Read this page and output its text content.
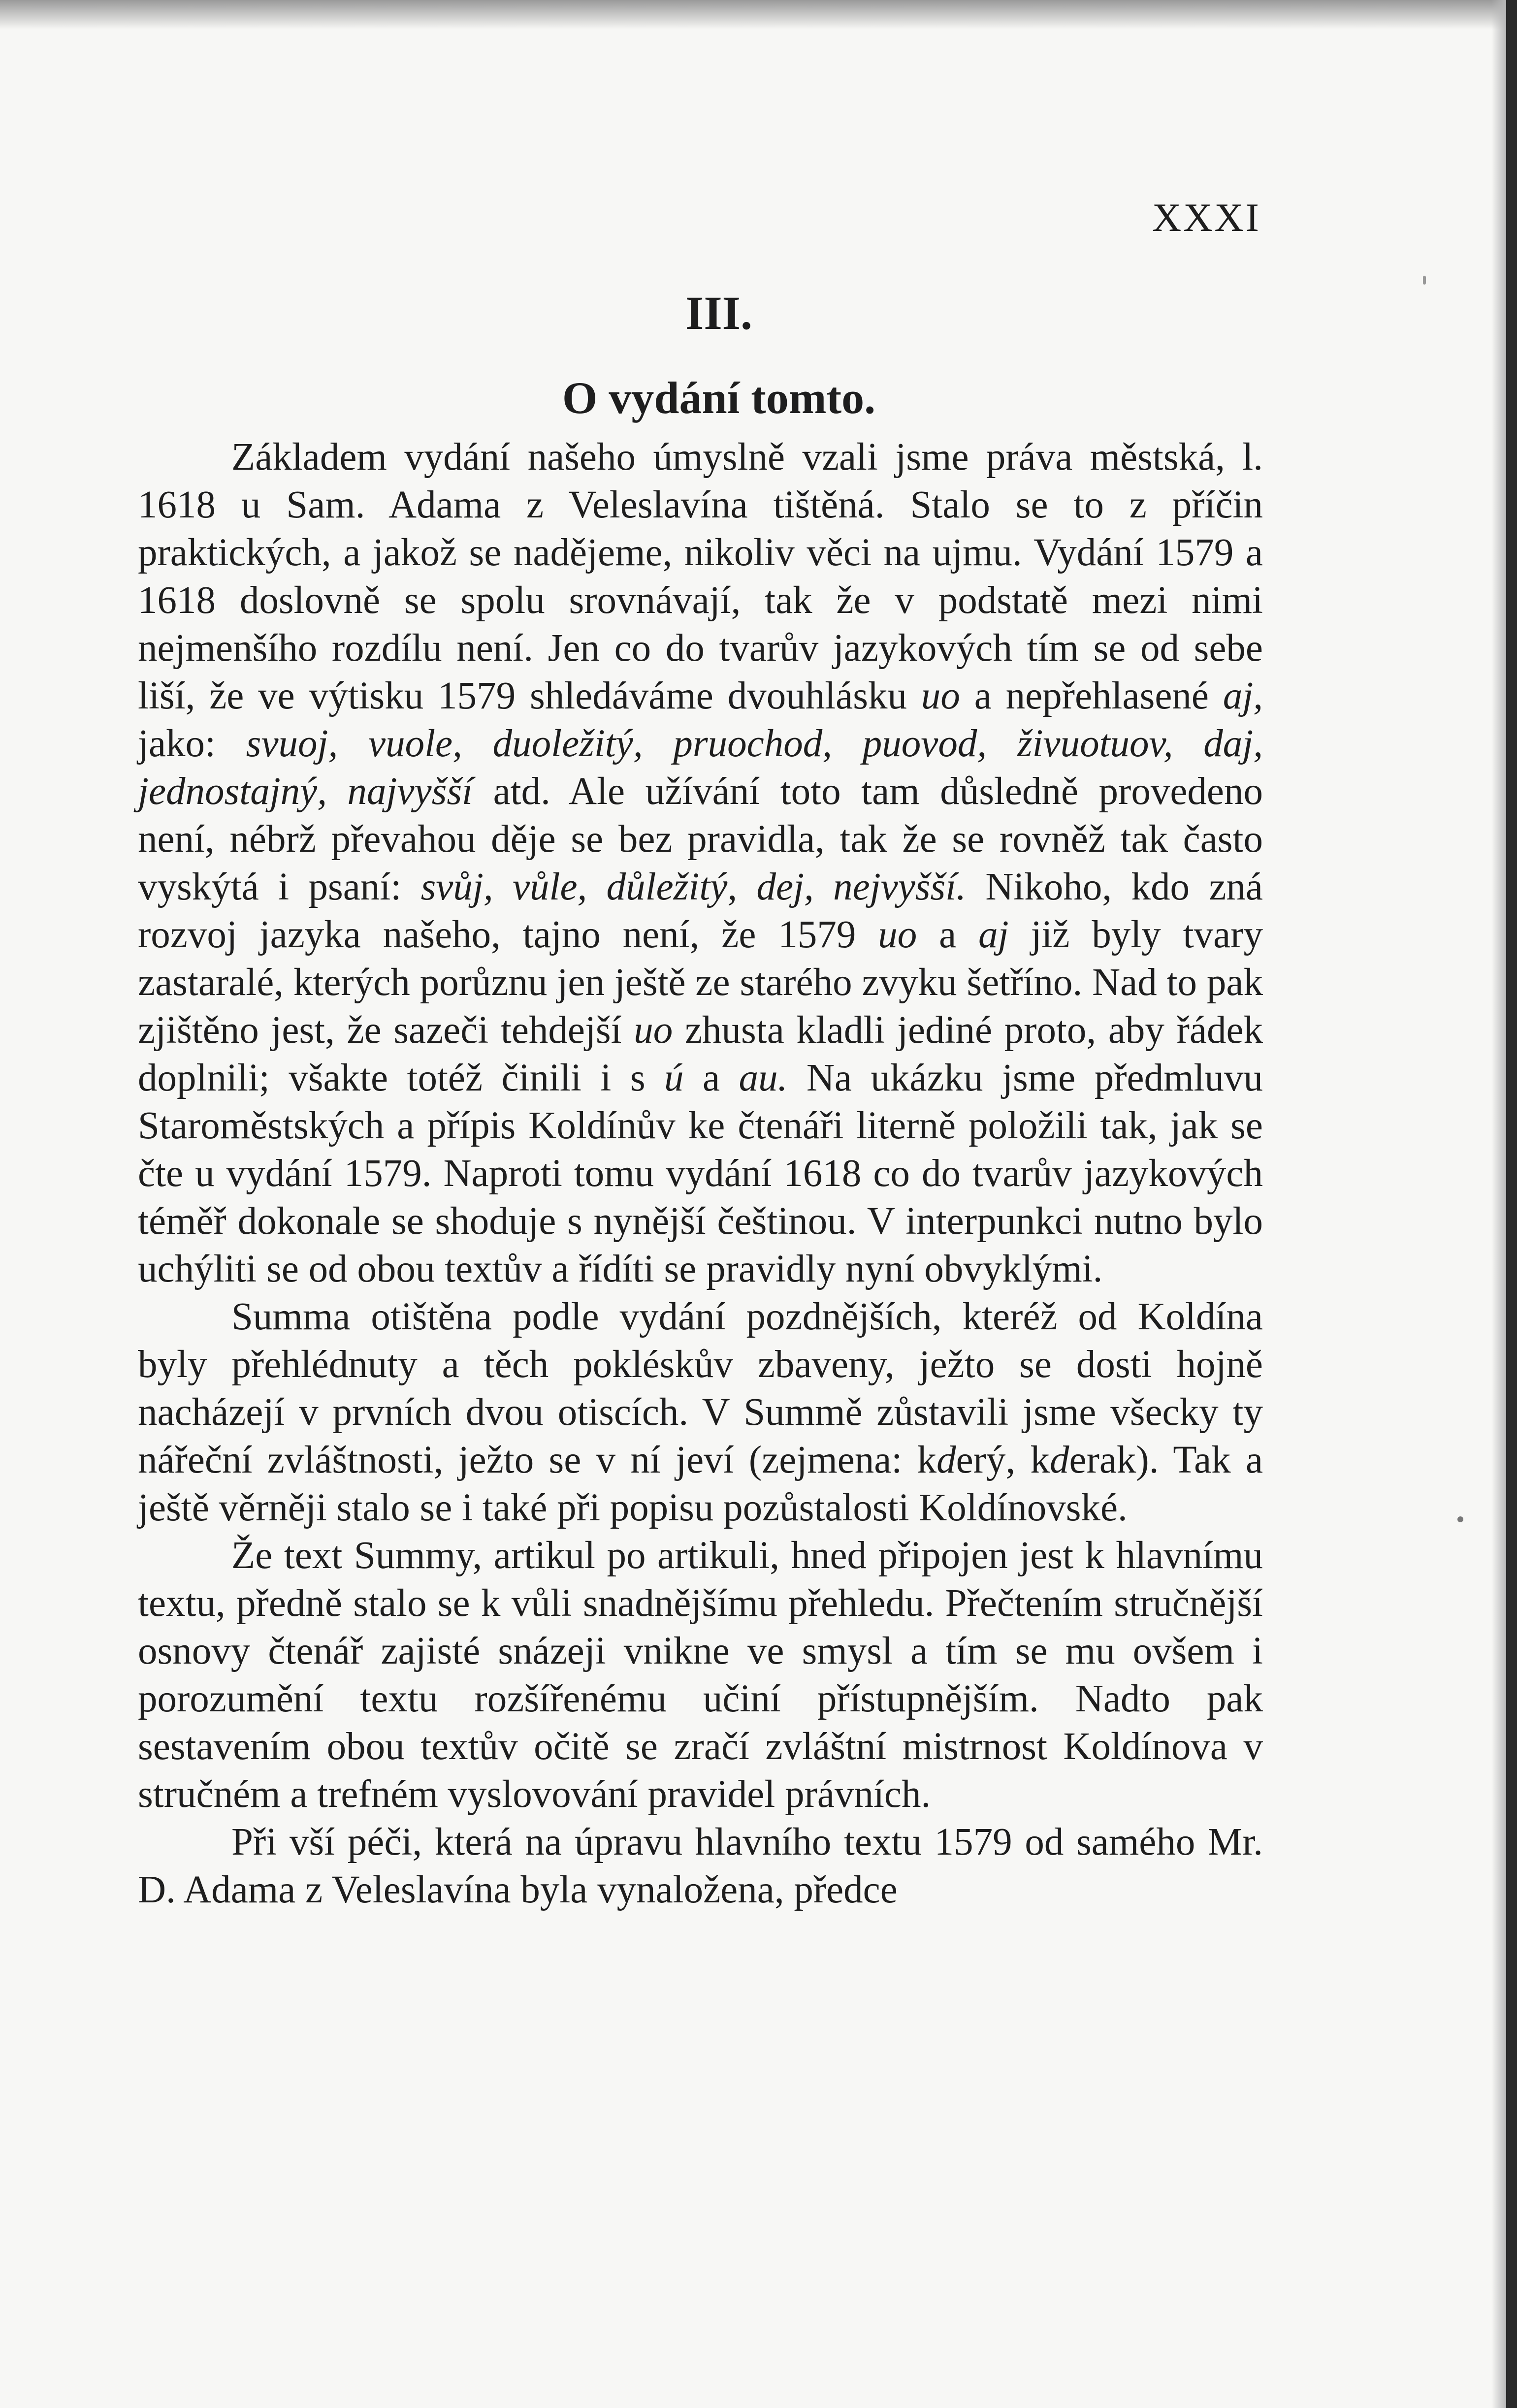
XXXI
III.
O vydání tomto.

Základem vydání našeho úmyslně vzali jsme práva městská, l. 1618 u Sam. Adama z Veleslavína tištěná. Stalo se to z příčin praktických, a jakož se nadějeme, nikoliv věci na ujmu. Vydání 1579 a 1618 doslovně se spolu srovnávají, tak že v podstatě mezi nimi nejmenšího rozdílu není. Jen co do tvarův jazykových tím se od sebe liší, že ve výtisku 1579 shledáváme dvouhlásku uo a nepřehlasené aj, jako: svuoj, vuole, duoležitý, pruochod, puovod, živuotuov, daj, jednostajný, najvyšší atd. Ale užívání toto tam důsledně provedeno není, nébrž převahou děje se bez pravidla, tak že se rovněž tak často vyskýtá i psaní: svůj, vůle, důležitý, dej, nejvyšší. Nikoho, kdo zná rozvoj jazyka našeho, tajno není, že 1579 uo a aj již byly tvary zastaralé, kterých porůznu jen ještě ze starého zvyku šetříno. Nad to pak zjištěno jest, že sazeči tehdejší uo zhusta kladli jediné proto, aby řádek doplnili; všakte totéž činili i s ú a au. Na ukázku jsme předmluvu Staroměstských a přípis Koldínův ke čtenáři literně položili tak, jak se čte u vydání 1579. Naproti tomu vydání 1618 co do tvarův jazykových téměř dokonale se shoduje s nynější češtinou. V interpunkci nutno bylo uchýliti se od obou textův a řídíti se pravidly nyní obvyklými.

Summa otištěna podle vydání pozdnějších, kteréž od Koldína byly přehlédnuty a těch pokléskův zbaveny, ježto se dosti hojně nacházejí v prvních dvou otiscích. V Summě zůstavili jsme všecky ty nářeční zvláštnosti, ježto se v ní jeví (zejmena: kderý, kderak). Tak a ještě věrněji stalo se i také při popisu pozůstalosti Koldínovské.

Že text Summy, artikul po artikuli, hned připojen jest k hlavnímu textu, předně stalo se k vůli snadnějšímu přehledu. Přečtením stručnější osnovy čtenář zajisté snázeji vnikne ve smysl a tím se mu ovšem i porozumění textu rozšířenému učiní přístupnějším. Nadto pak sestavením obou textův očitě se zračí zvláštní mistrnost Koldínova v stručném a trefném vyslovování pravidel právních.

Při vší péči, která na úpravu hlavního textu 1579 od samého Mr. D. Adama z Veleslavína byla vynaložena, předce
